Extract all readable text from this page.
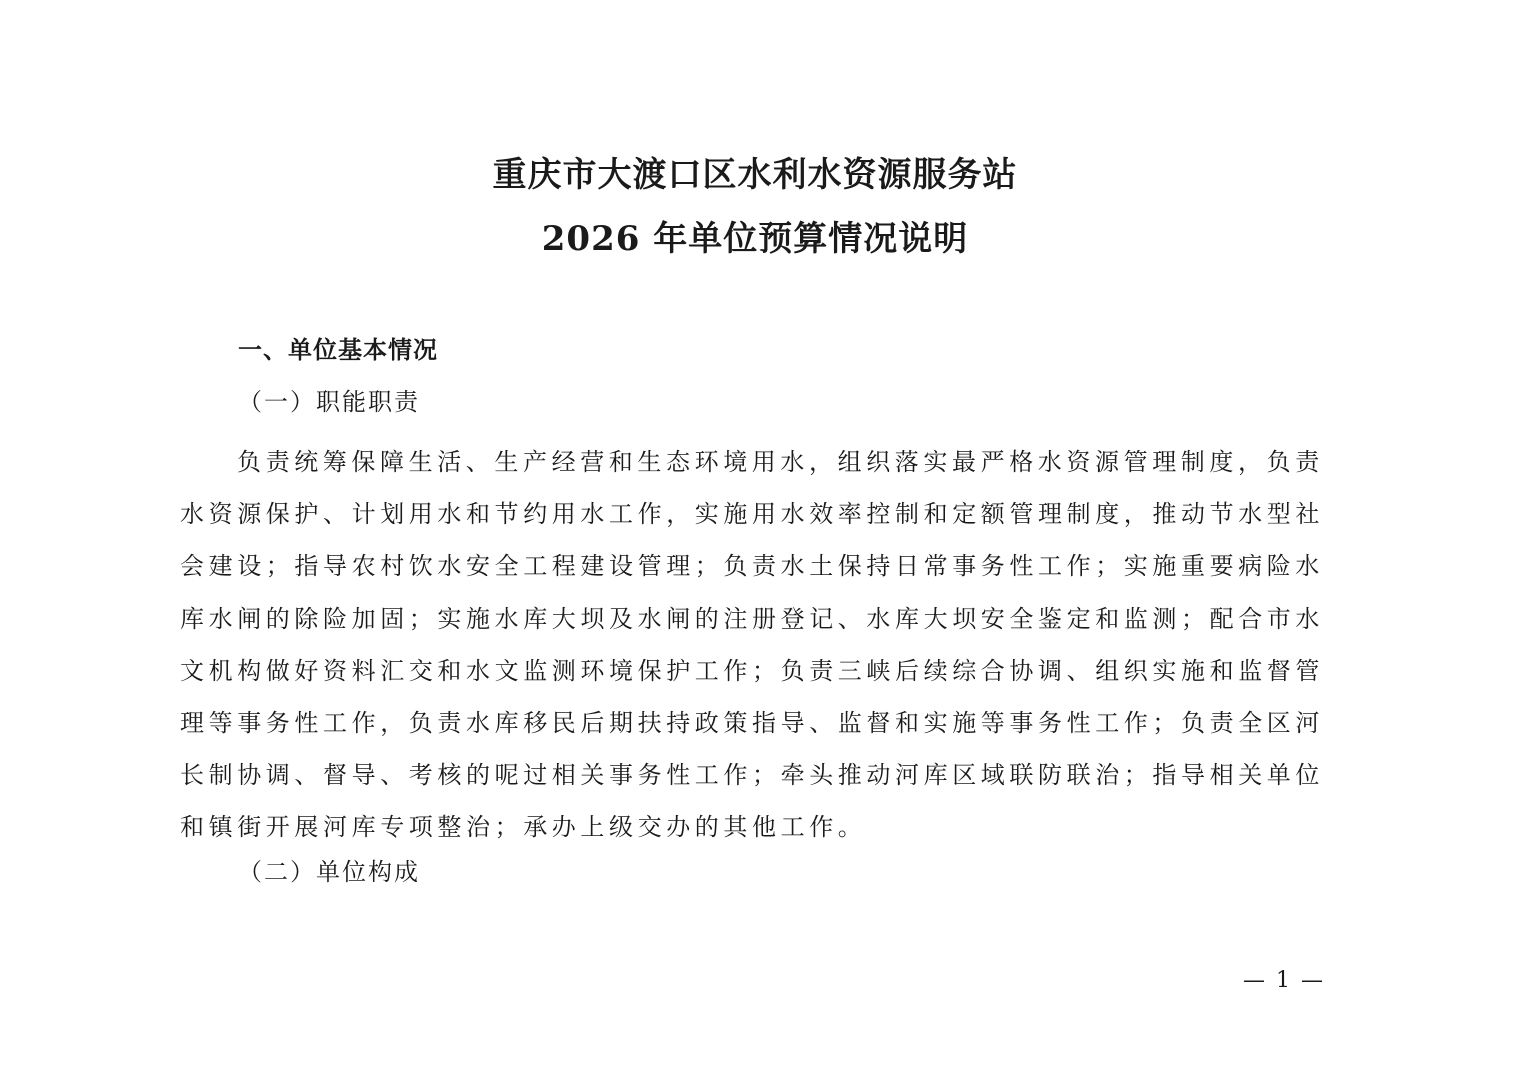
重庆市大渡口区水利水资源服务站
2026 年单位预算情况说明
一、单位基本情况
（一）职能职责

负责统筹保障生活、生产经营和生态环境用水，组织落实最严格水资源管理制度，负责水资源保护、计划用水和节约用水工作，实施用水效率控制和定额管理制度，推动节水型社会建设；指导农村饮水安全工程建设管理；负责水土保持日常事务性工作；实施重要病险水库水闸的除险加固；实施水库大坝及水闸的注册登记、水库大坝安全鉴定和监测；配合市水文机构做好资料汇交和水文监测环境保护工作；负责三峡后续综合协调、组织实施和监督管理等事务性工作，负责水库移民后期扶持政策指导、监督和实施等事务性工作；负责全区河长制协调、督导、考核的呢过相关事务性工作；牵头推动河库区域联防联治；指导相关单位和镇街开展河库专项整治；承办上级交办的其他工作。

（二）单位构成
— 1 —
